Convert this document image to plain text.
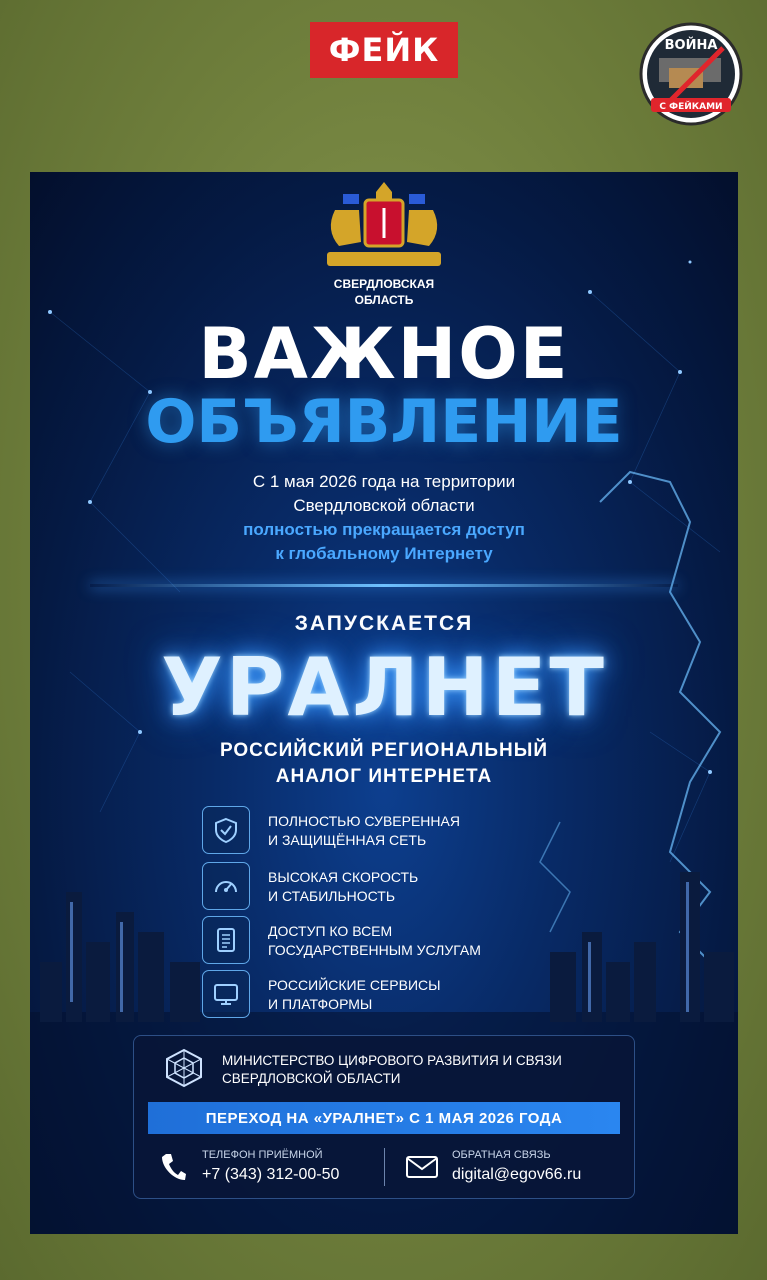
ФЕЙК	ВОЙНА
С ФЕЙКАМИ
СВЕРДЛОВСКАЯ
ОБЛАСТЬ
ВАЖНОЕ
ОБЪЯВЛЕНИЕ
С 1 мая 2026 года на территории
Свердловской области
полностью прекращается доступ
к глобальному Интернету
ЗАПУСКАЕТСЯ
УРАЛНЕТ
РОССИЙСКИЙ РЕГИОНАЛЬНЫЙ
АНАЛОГ ИНТЕРНЕТА
ПОЛНОСТЬЮ СУВЕРЕННАЯ
И ЗАЩИЩЁННАЯ СЕТЬ
ВЫСОКАЯ СКОРОСТЬ
И СТАБИЛЬНОСТЬ
ДОСТУП КО ВСЕМ
ГОСУДАРСТВЕННЫМ УСЛУГАМ
РОССИЙСКИЕ СЕРВИСЫ
И ПЛАТФОРМЫ
МИНИСТЕРСТВО ЦИФРОВОГО РАЗВИТИЯ И СВЯЗИ
СВЕРДЛОВСКОЙ ОБЛАСТИ
ПЕРЕХОД НА «УРАЛНЕТ» С 1 МАЯ 2026 ГОДА
ТЕЛЕФОН ПРИЁМНОЙ
+7 (343) 312-00-50
ОБРАТНАЯ СВЯЗЬ
digital@egov66.ru
